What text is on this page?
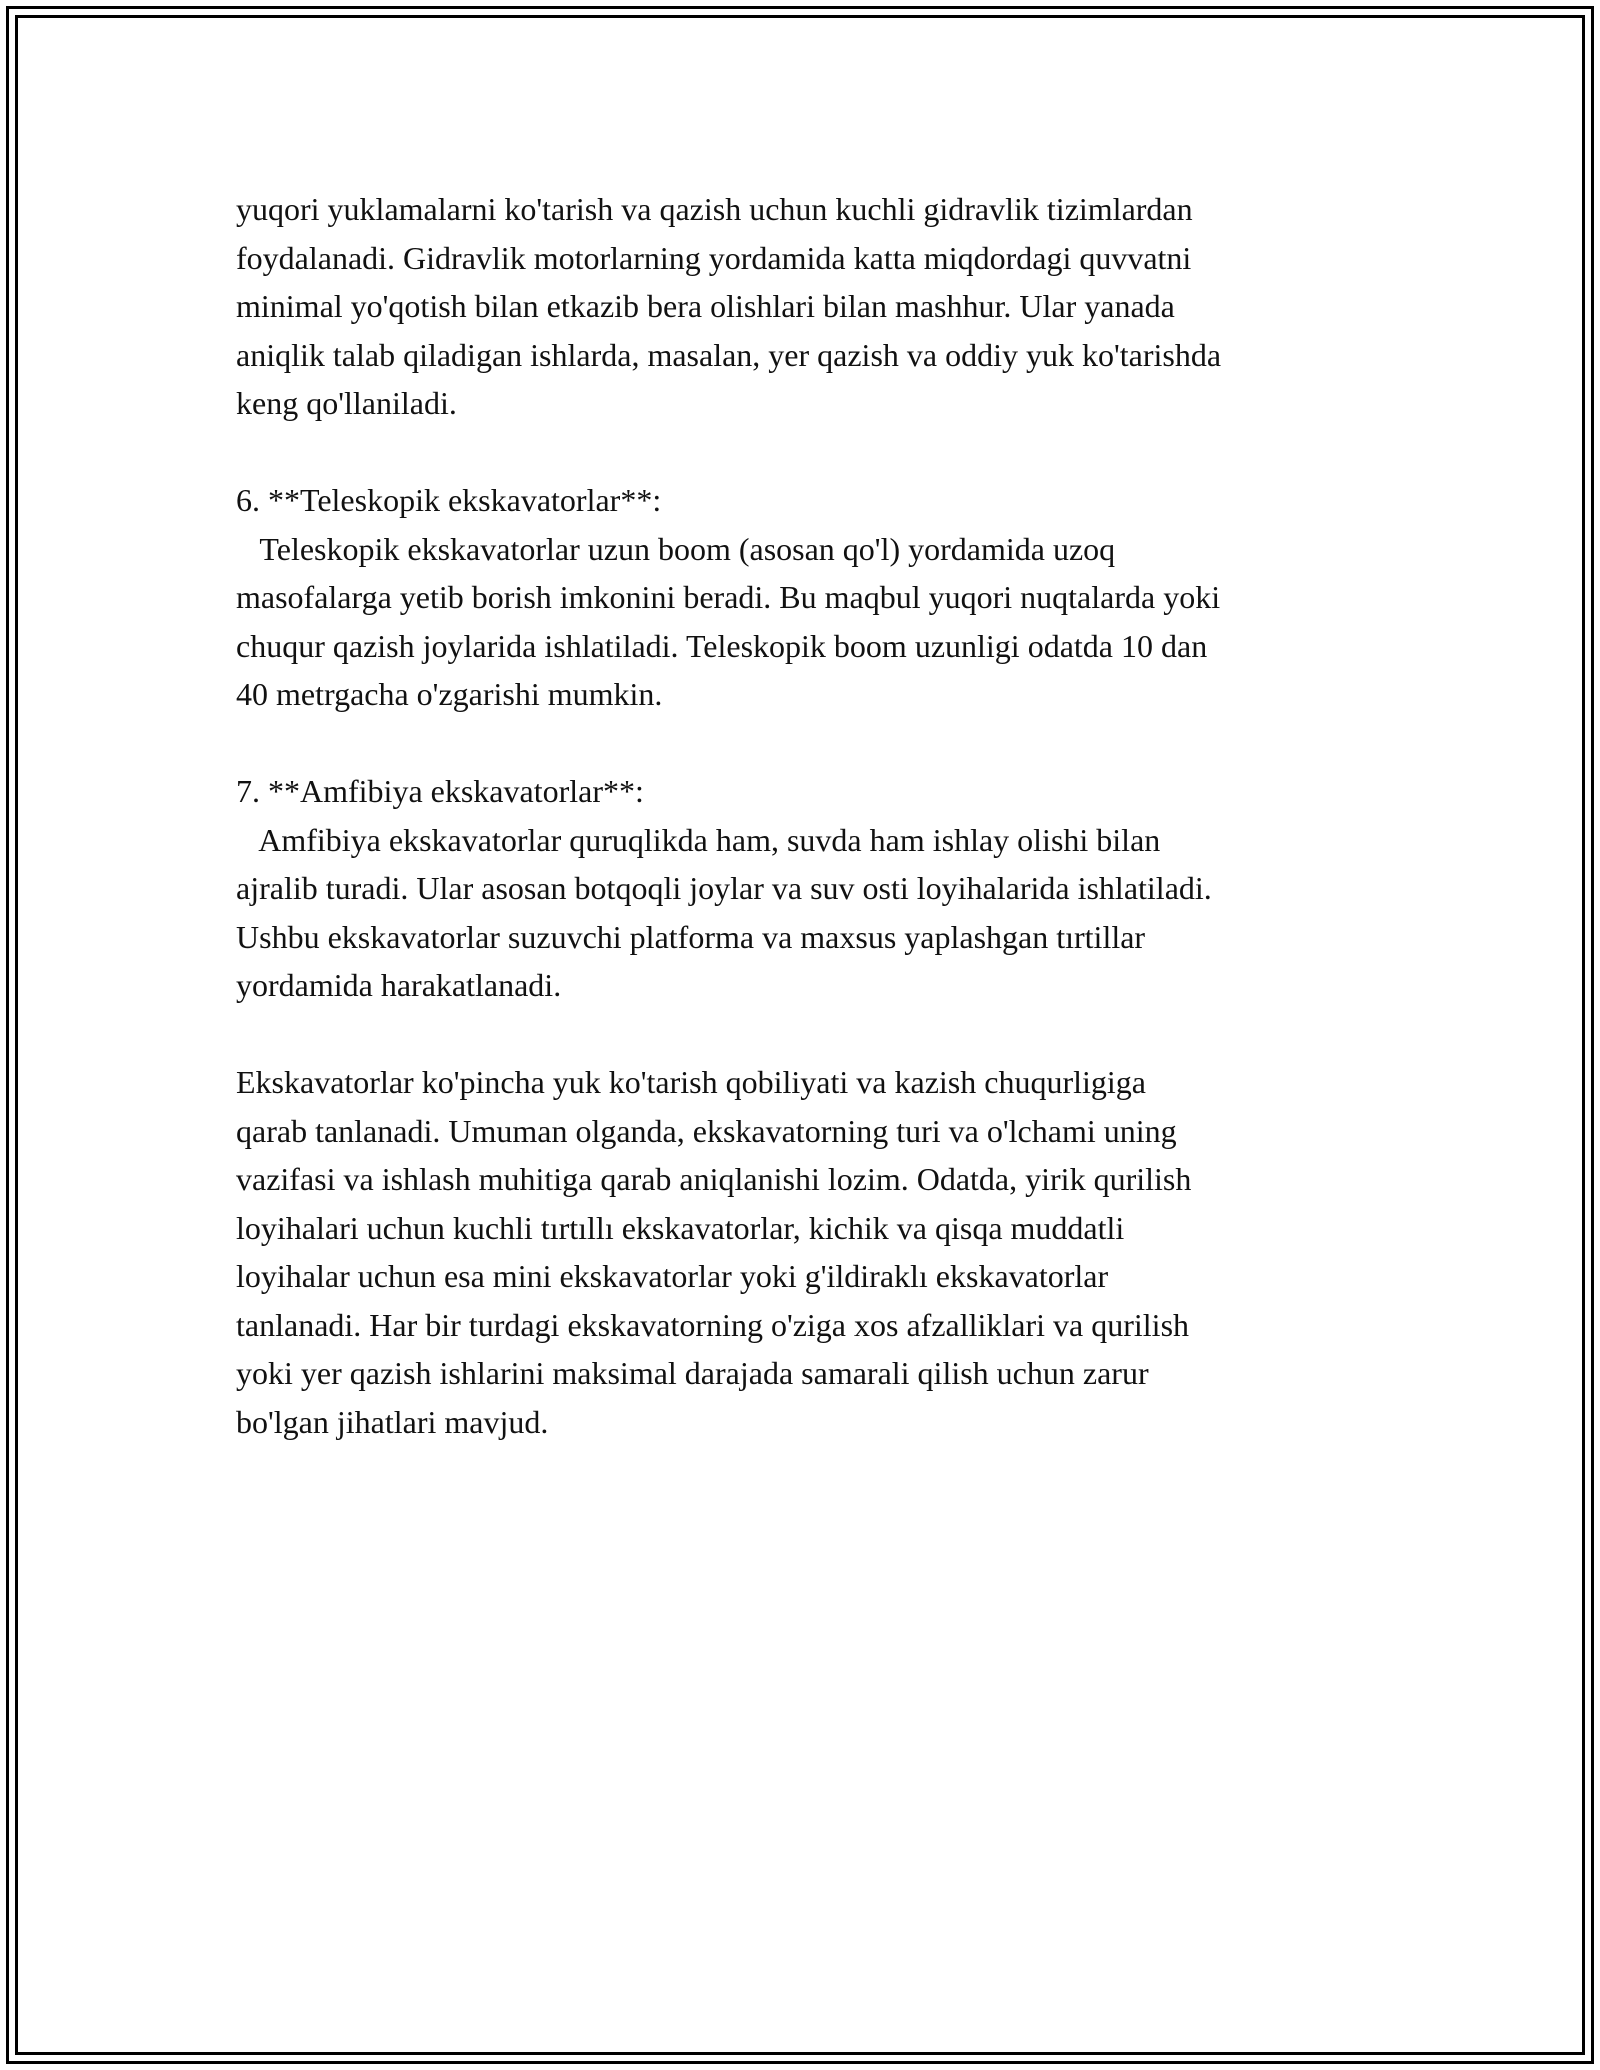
yuqori yuklamalarni ko'tarish va qazish uchun kuchli gidravlik tizimlardan
foydalanadi. Gidravlik motorlarning yordamida katta miqdordagi quvvatni
minimal yo'qotish bilan etkazib bera olishlari bilan mashhur. Ular yanada
aniqlik talab qiladigan ishlarda, masalan, yer qazish va oddiy yuk ko'tarishda
keng qo'llaniladi.
6. **Teleskopik ekskavatorlar**:
Teleskopik ekskavatorlar uzun boom (asosan qo'l) yordamida uzoq
masofalarga yetib borish imkonini beradi. Bu maqbul yuqori nuqtalarda yoki
chuqur qazish joylarida ishlatiladi. Teleskopik boom uzunligi odatda 10 dan
40 metrgacha o'zgarishi mumkin.
7. **Amfibiya ekskavatorlar**:
Amfibiya ekskavatorlar quruqlikda ham, suvda ham ishlay olishi bilan
ajralib turadi. Ular asosan botqoqli joylar va suv osti loyihalarida ishlatiladi.
Ushbu ekskavatorlar suzuvchi platforma va maxsus yaplashgan tırtillar
yordamida harakatlanadi.
Ekskavatorlar ko'pincha yuk ko'tarish qobiliyati va kazish chuqurligiga
qarab tanlanadi. Umuman olganda, ekskavatorning turi va o'lchami uning
vazifasi va ishlash muhitiga qarab aniqlanishi lozim. Odatda, yirik qurilish
loyihalari uchun kuchli tırtıllı ekskavatorlar, kichik va qisqa muddatli
loyihalar uchun esa mini ekskavatorlar yoki g'ildiraklı ekskavatorlar
tanlanadi. Har bir turdagi ekskavatorning o'ziga xos afzalliklari va qurilish
yoki yer qazish ishlarini maksimal darajada samarali qilish uchun zarur
bo'lgan jihatlari mavjud.
